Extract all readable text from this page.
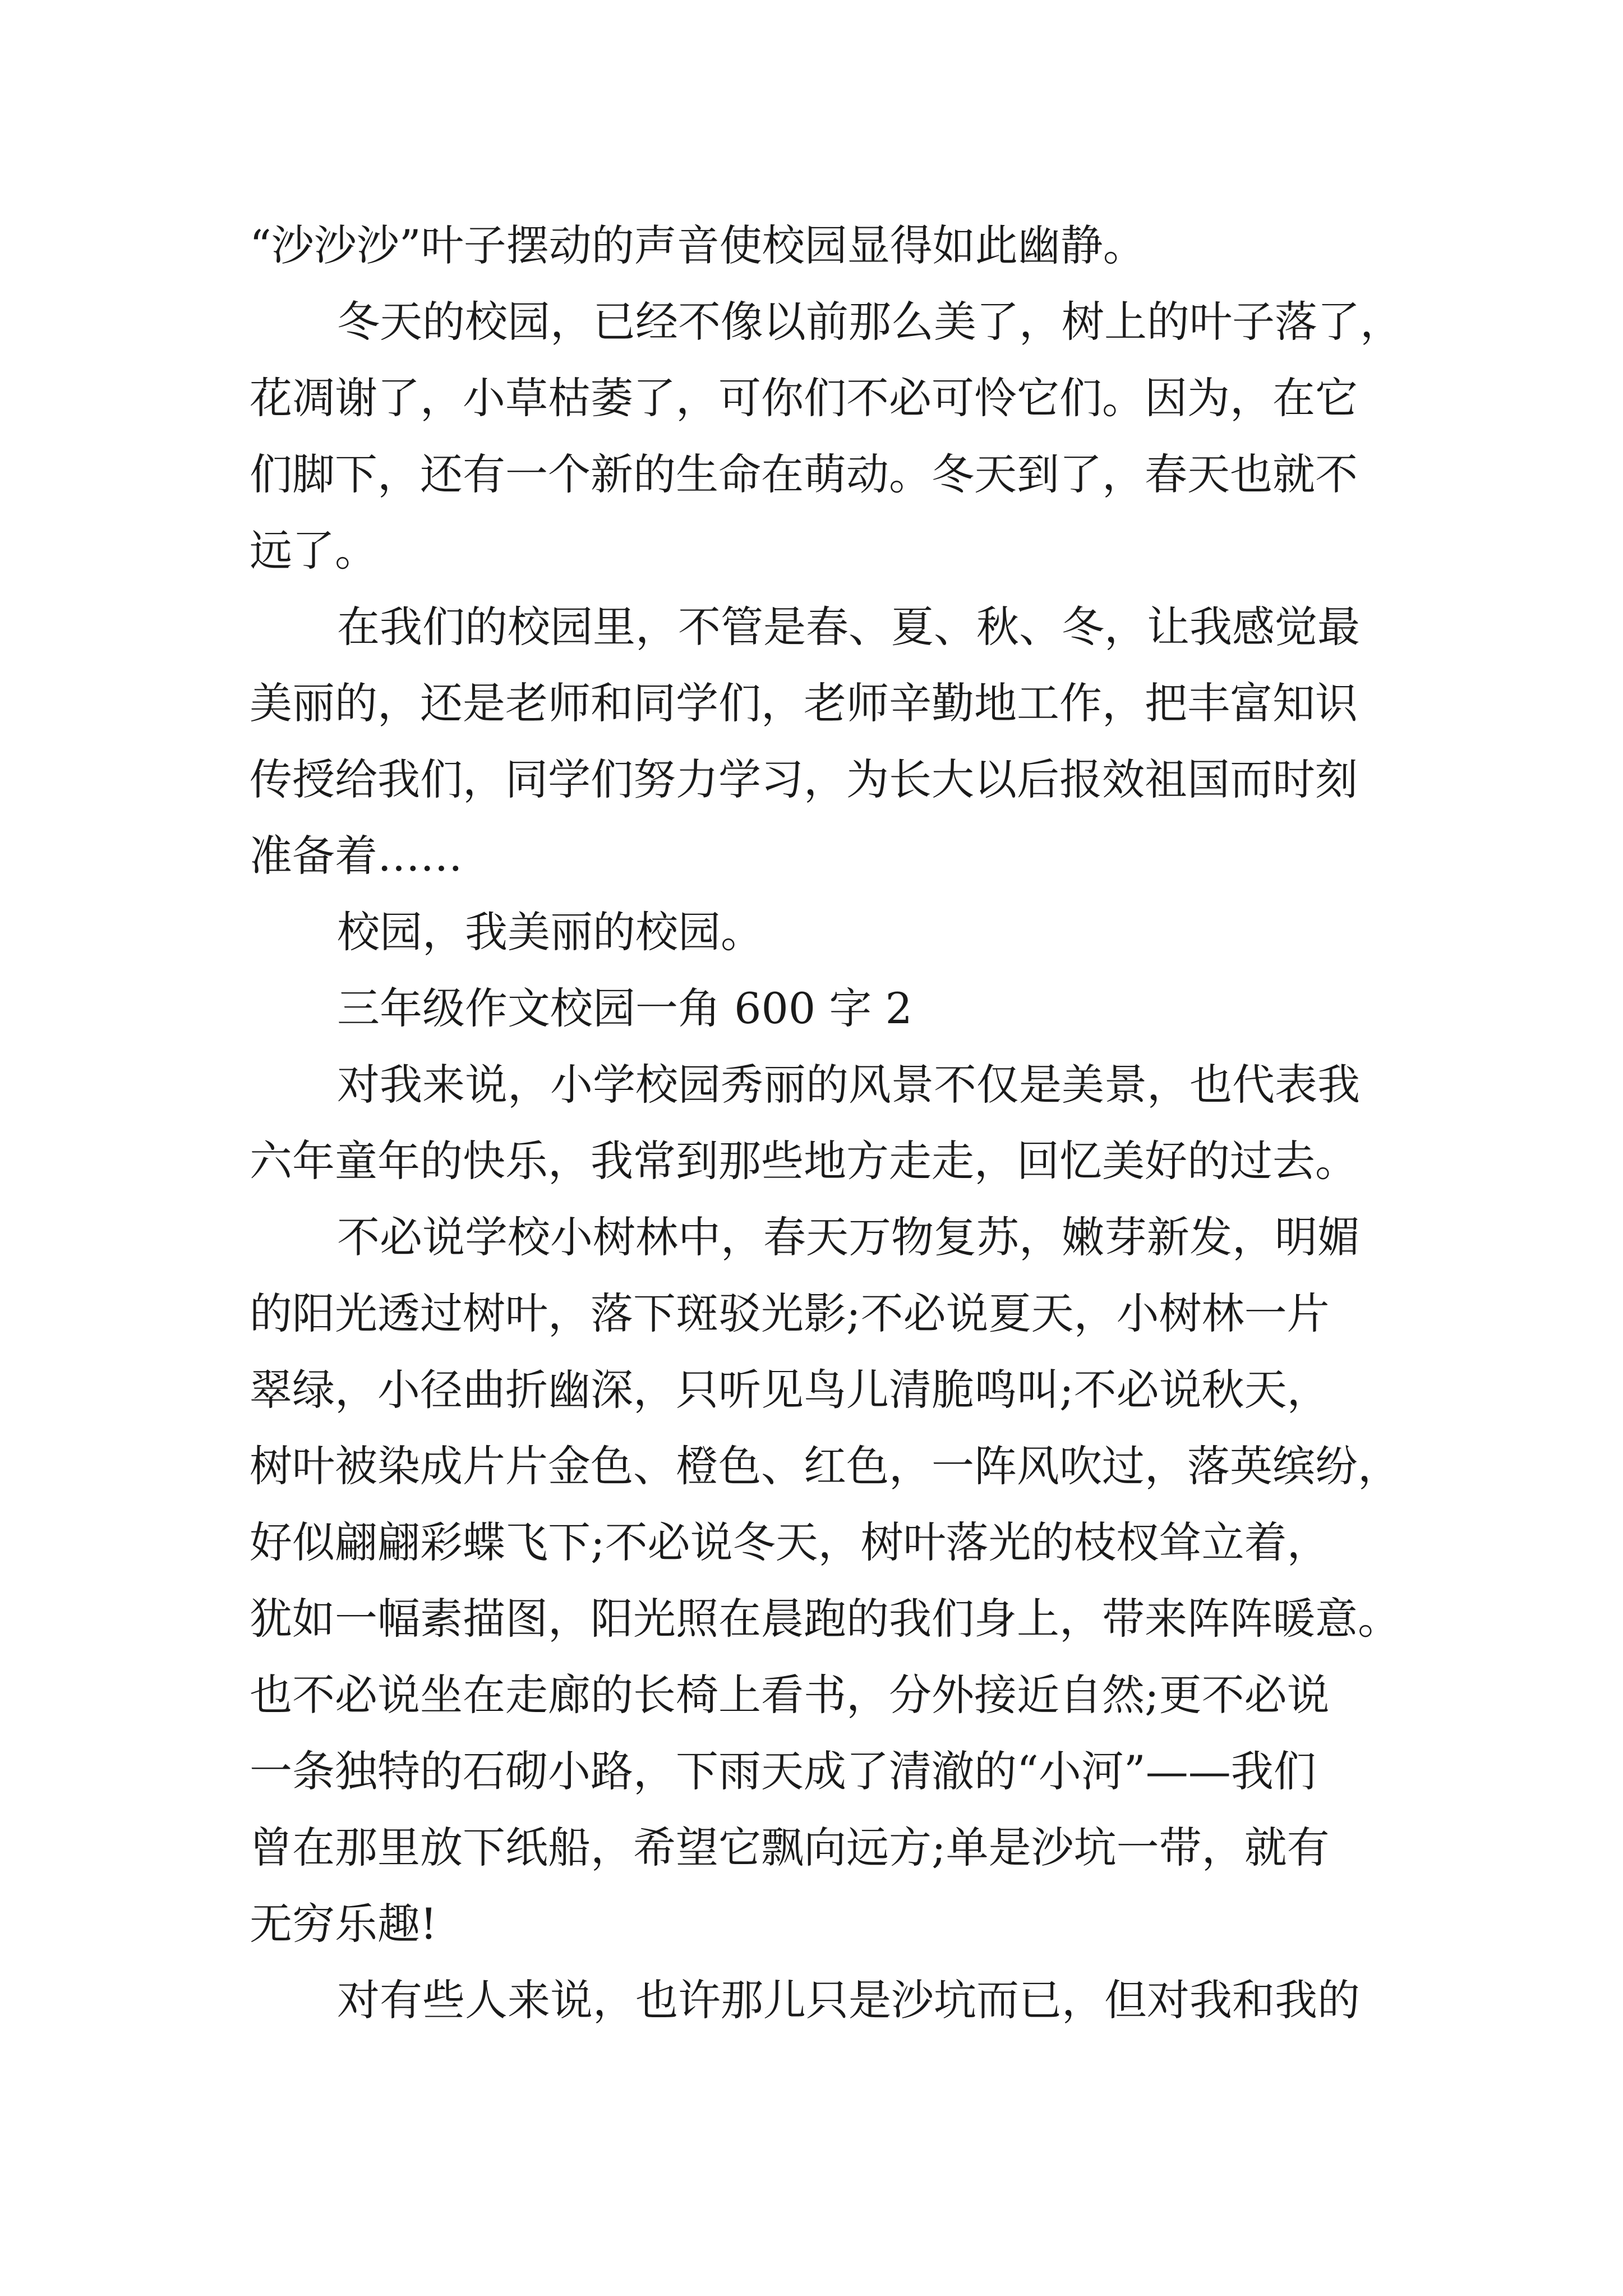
“沙沙沙”叶子摆动的声音使校园显得如此幽静。
冬天的校园，已经不像以前那么美了，树上的叶子落了，
花凋谢了，小草枯萎了，可你们不必可怜它们。因为，在它
们脚下，还有一个新的生命在萌动。冬天到了，春天也就不
远了。
在我们的校园里，不管是春、夏、秋、冬，让我感觉最
美丽的，还是老师和同学们，老师辛勤地工作，把丰富知识
传授给我们，同学们努力学习，为长大以后报效祖国而时刻
准备着……
校园，我美丽的校园。
三年级作文校园一角 600 字 2
对我来说，小学校园秀丽的风景不仅是美景，也代表我
六年童年的快乐，我常到那些地方走走，回忆美好的过去。
不必说学校小树林中，春天万物复苏，嫩芽新发，明媚
的阳光透过树叶，落下斑驳光影;不必说夏天，小树林一片
翠绿，小径曲折幽深，只听见鸟儿清脆鸣叫;不必说秋天，
树叶被染成片片金色、橙色、红色，一阵风吹过，落英缤纷，
好似翩翩彩蝶飞下;不必说冬天，树叶落光的枝杈耸立着，
犹如一幅素描图，阳光照在晨跑的我们身上，带来阵阵暖意。
也不必说坐在走廊的长椅上看书，分外接近自然;更不必说
一条独特的石砌小路，下雨天成了清澈的“小河”——我们
曾在那里放下纸船，希望它飘向远方;单是沙坑一带，就有
无穷乐趣!
对有些人来说，也许那儿只是沙坑而已，但对我和我的
